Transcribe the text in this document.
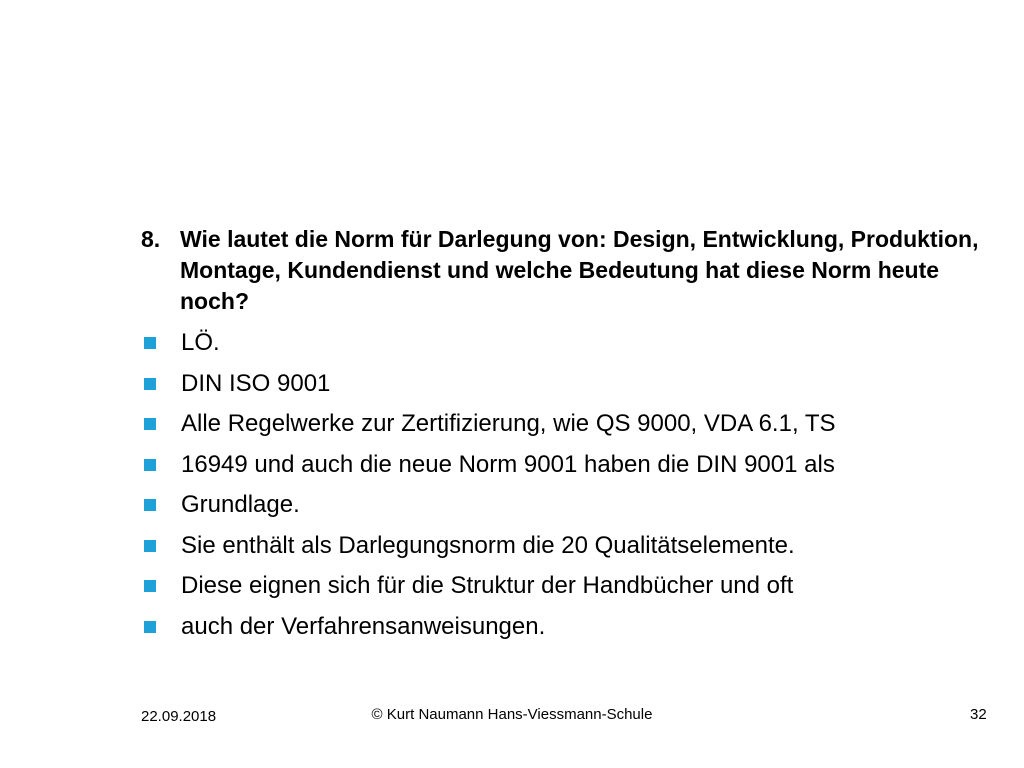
8. Wie lautet die Norm für Darlegung von: Design, Entwicklung, Produktion, Montage, Kundendienst und welche Bedeutung hat diese Norm heute noch?
LÖ.
DIN ISO 9001
Alle Regelwerke zur Zertifizierung, wie QS 9000, VDA 6.1, TS
16949 und auch die neue Norm 9001 haben die DIN 9001 als
Grundlage.
Sie enthält als Darlegungsnorm die 20 Qualitätselemente.
Diese eignen sich für die Struktur der Handbücher und oft
auch der Verfahrensanweisungen.
22.09.2018	© Kurt Naumann Hans-Viessmann-Schule	32
